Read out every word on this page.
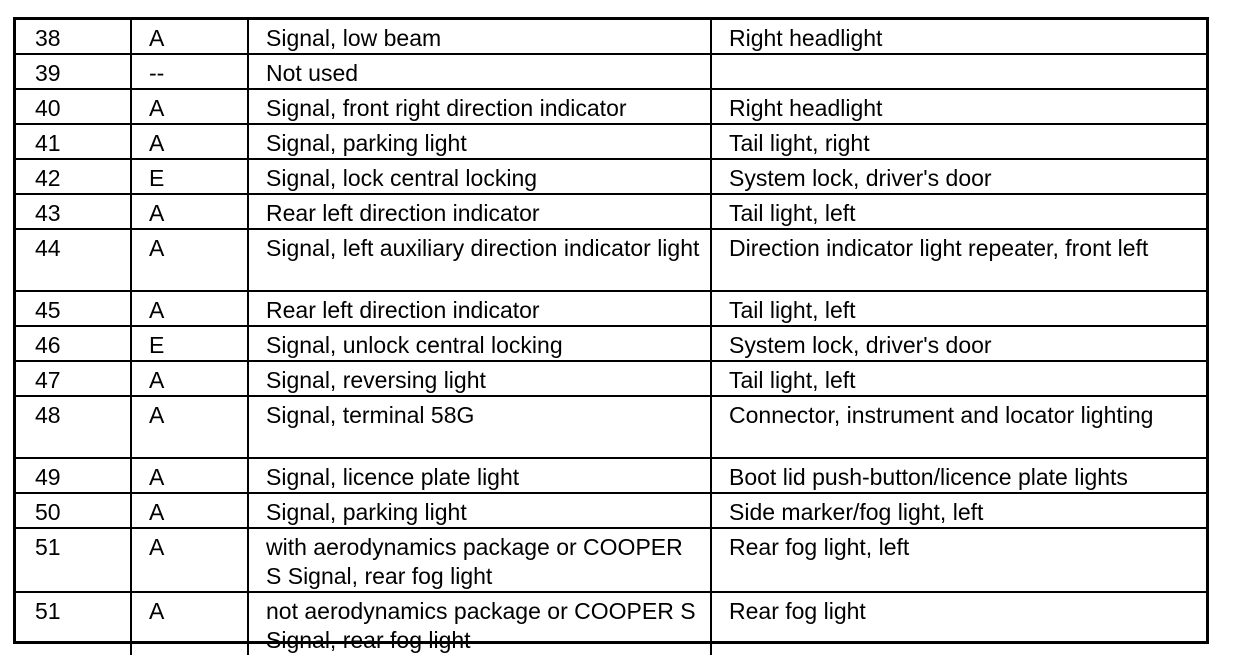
38	A	Signal, low beam	Right headlight
39	--	Not used	
40	A	Signal, front right direction indicator	Right headlight
41	A	Signal, parking light	Tail light, right
42	E	Signal, lock central locking	System lock, driver's door
43	A	Rear left direction indicator	Tail light, left
44	A	Signal, left auxiliary direction indicator light	Direction indicator light repeater, front left
45	A	Rear left direction indicator	Tail light, left
46	E	Signal, unlock central locking	System lock, driver's door
47	A	Signal, reversing light	Tail light, left
48	A	Signal, terminal 58G	Connector, instrument and locator lighting
49	A	Signal, licence plate light	Boot lid push-button/licence plate lights
50	A	Signal, parking light	Side marker/fog light, left
51	A	with aerodynamics package or COOPER S Signal, rear fog light	Rear fog light, left
51	A	not aerodynamics package or COOPER S Signal, rear fog light	Rear fog light
